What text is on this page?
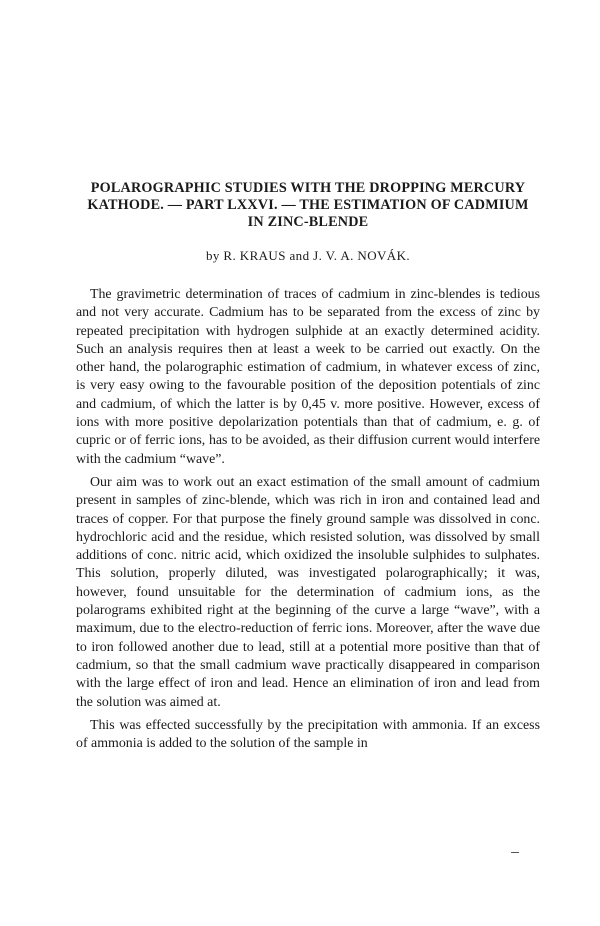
POLAROGRAPHIC STUDIES WITH THE DROPPING MERCURY
KATHODE. — PART LXXVI. — THE ESTIMATION OF CADMIUM
IN ZINC-BLENDE
by R. KRAUS and J. V. A. NOVÁK.

The gravimetric determination of traces of cadmium in zinc-blendes is tedious and not very accurate. Cadmium has to be separated from the excess of zinc by repeated precipitation with hydrogen sulphide at an exactly determined acidity. Such an analysis requires then at least a week to be carried out exactly. On the other hand, the polarographic estimation of cadmium, in whatever excess of zinc, is very easy owing to the favourable position of the deposition potentials of zinc and cadmium, of which the latter is by 0,45 v. more positive. However, excess of ions with more positive depolarization potentials than that of cadmium, e. g. of cupric or of ferric ions, has to be avoided, as their diffusion current would interfere with the cadmium “wave”.

Our aim was to work out an exact estimation of the small amount of cadmium present in samples of zinc-blende, which was rich in iron and contained lead and traces of copper. For that purpose the finely ground sample was dissolved in conc. hydrochloric acid and the residue, which resisted solution, was dissolved by small additions of conc. nitric acid, which oxidized the insoluble sulphides to sulphates. This solution, properly diluted, was investigated polarographically; it was, however, found unsuitable for the determination of cadmium ions, as the polarograms exhibited right at the beginning of the curve a large “wave”, with a maximum, due to the electro-reduction of ferric ions. Moreover, after the wave due to iron followed another due to lead, still at a potential more positive than that of cadmium, so that the small cadmium wave practically disappeared in comparison with the large effect of iron and lead. Hence an elimination of iron and lead from the solution was aimed at.

This was effected successfully by the precipitation with ammonia. If an excess of ammonia is added to the solution of the sample in
